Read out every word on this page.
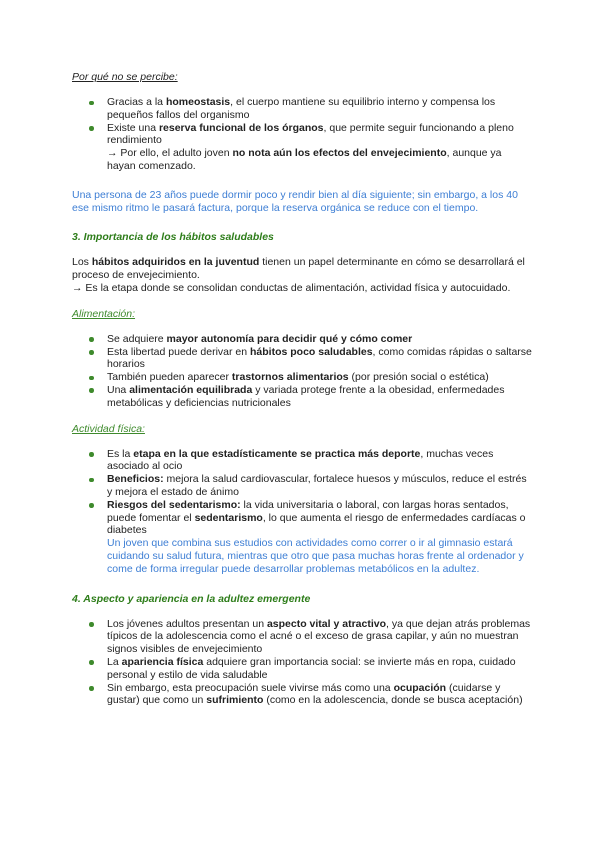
Por qué no se percibe:

Gracias a la homeostasis, el cuerpo mantiene su equilibrio interno y compensa los pequeños fallos del organismo
Existe una reserva funcional de los órganos, que permite seguir funcionando a pleno rendimiento
→ Por ello, el adulto joven no nota aún los efectos del envejecimiento, aunque ya hayan comenzado.

Una persona de 23 años puede dormir poco y rendir bien al día siguiente; sin embargo, a los 40 ese mismo ritmo le pasará factura, porque la reserva orgánica se reduce con el tiempo.

3. Importancia de los hábitos saludables

Los hábitos adquiridos en la juventud tienen un papel determinante en cómo se desarrollará el proceso de envejecimiento.
→ Es la etapa donde se consolidan conductas de alimentación, actividad física y autocuidado.

Alimentación:

Se adquiere mayor autonomía para decidir qué y cómo comer
Esta libertad puede derivar en hábitos poco saludables, como comidas rápidas o saltarse horarios
También pueden aparecer trastornos alimentarios (por presión social o estética)
Una alimentación equilibrada y variada protege frente a la obesidad, enfermedades metabólicas y deficiencias nutricionales

Actividad física:

Es la etapa en la que estadísticamente se practica más deporte, muchas veces asociado al ocio
Beneficios: mejora la salud cardiovascular, fortalece huesos y músculos, reduce el estrés y mejora el estado de ánimo
Riesgos del sedentarismo: la vida universitaria o laboral, con largas horas sentados, puede fomentar el sedentarismo, lo que aumenta el riesgo de enfermedades cardíacas o diabetes
Un joven que combina sus estudios con actividades como correr o ir al gimnasio estará cuidando su salud futura, mientras que otro que pasa muchas horas frente al ordenador y come de forma irregular puede desarrollar problemas metabólicos en la adultez.

4. Aspecto y apariencia en la adultez emergente

Los jóvenes adultos presentan un aspecto vital y atractivo, ya que dejan atrás problemas típicos de la adolescencia como el acné o el exceso de grasa capilar, y aún no muestran signos visibles de envejecimiento
La apariencia física adquiere gran importancia social: se invierte más en ropa, cuidado personal y estilo de vida saludable
Sin embargo, esta preocupación suele vivirse más como una ocupación (cuidarse y gustar) que como un sufrimiento (como en la adolescencia, donde se busca aceptación)
